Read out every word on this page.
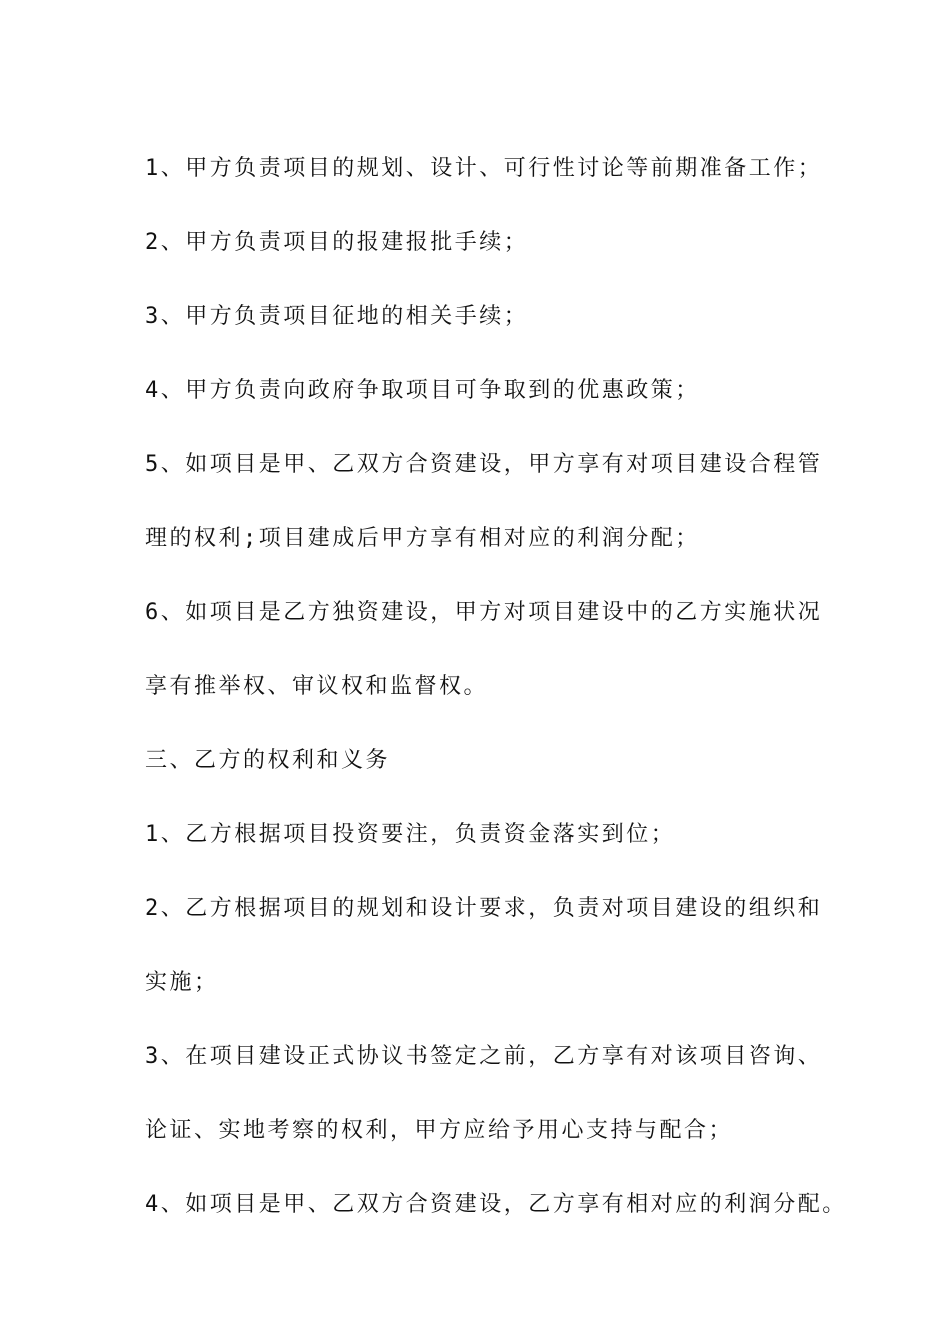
1、甲方负责项目的规划、设计、可行性讨论等前期准备工作；

2、甲方负责项目的报建报批手续；

3、甲方负责项目征地的相关手续；

4、甲方负责向政府争取项目可争取到的优惠政策；

5、如项目是甲、乙双方合资建设，甲方享有对项目建设合程管

理的权利;项目建成后甲方享有相对应的利润分配；

6、如项目是乙方独资建设，甲方对项目建设中的乙方实施状况

享有推举权、审议权和监督权。

三、乙方的权利和义务

1、乙方根据项目投资要注，负责资金落实到位；

2、乙方根据项目的规划和设计要求，负责对项目建设的组织和

实施；

3、在项目建设正式协议书签定之前，乙方享有对该项目咨询、

论证、实地考察的权利，甲方应给予用心支持与配合；

4、如项目是甲、乙双方合资建设，乙方享有相对应的利润分配。
